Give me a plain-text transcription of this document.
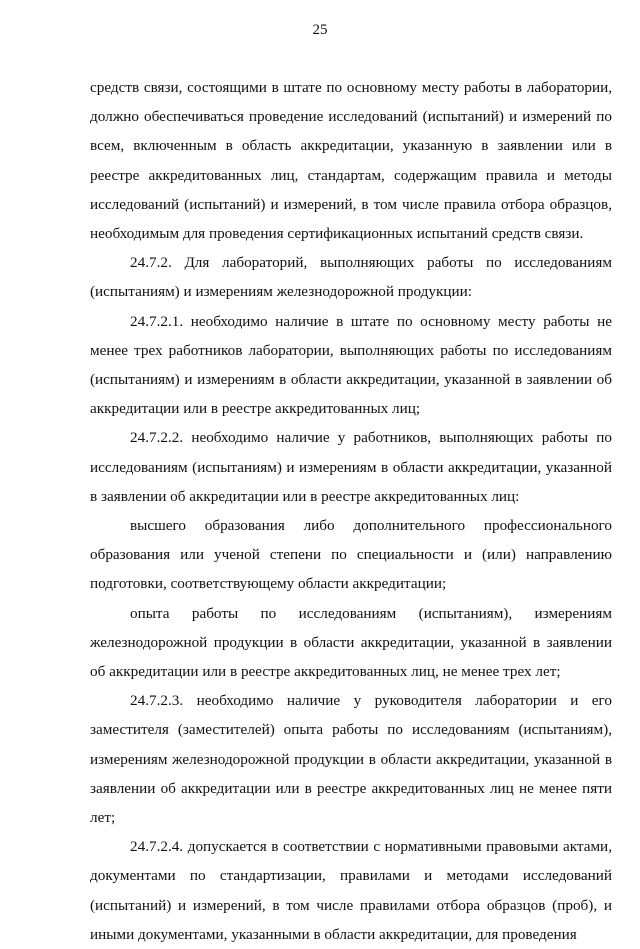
25

средств связи, состоящими в штате по основному месту работы в лаборатории, должно обеспечиваться проведение исследований (испытаний) и измерений по всем, включенным в область аккредитации, указанную в заявлении или в реестре аккредитованных лиц, стандартам, содержащим правила и методы исследований (испытаний) и измерений, в том числе правила отбора образцов, необходимым для проведения сертификационных испытаний средств связи.

24.7.2. Для лабораторий, выполняющих работы по исследованиям (испытаниям) и измерениям железнодорожной продукции:

24.7.2.1. необходимо наличие в штате по основному месту работы не менее трех работников лаборатории, выполняющих работы по исследованиям (испытаниям) и измерениям в области аккредитации, указанной в заявлении об аккредитации или в реестре аккредитованных лиц;

24.7.2.2. необходимо наличие у работников, выполняющих работы по исследованиям (испытаниям) и измерениям в области аккредитации, указанной в заявлении об аккредитации или в реестре аккредитованных лиц:

высшего образования либо дополнительного профессионального образования или ученой степени по специальности и (или) направлению подготовки, соответствующему области аккредитации;

опыта работы по исследованиям (испытаниям), измерениям железнодорожной продукции в области аккредитации, указанной в заявлении об аккредитации или в реестре аккредитованных лиц, не менее трех лет;

24.7.2.3. необходимо наличие у руководителя лаборатории и его заместителя (заместителей) опыта работы по исследованиям (испытаниям), измерениям железнодорожной продукции в области аккредитации, указанной в заявлении об аккредитации или в реестре аккредитованных лиц не менее пяти лет;

24.7.2.4. допускается в соответствии с нормативными правовыми актами, документами по стандартизации, правилами и методами исследований (испытаний) и измерений, в том числе правилами отбора образцов (проб), и иными документами, указанными в области аккредитации, для проведения
